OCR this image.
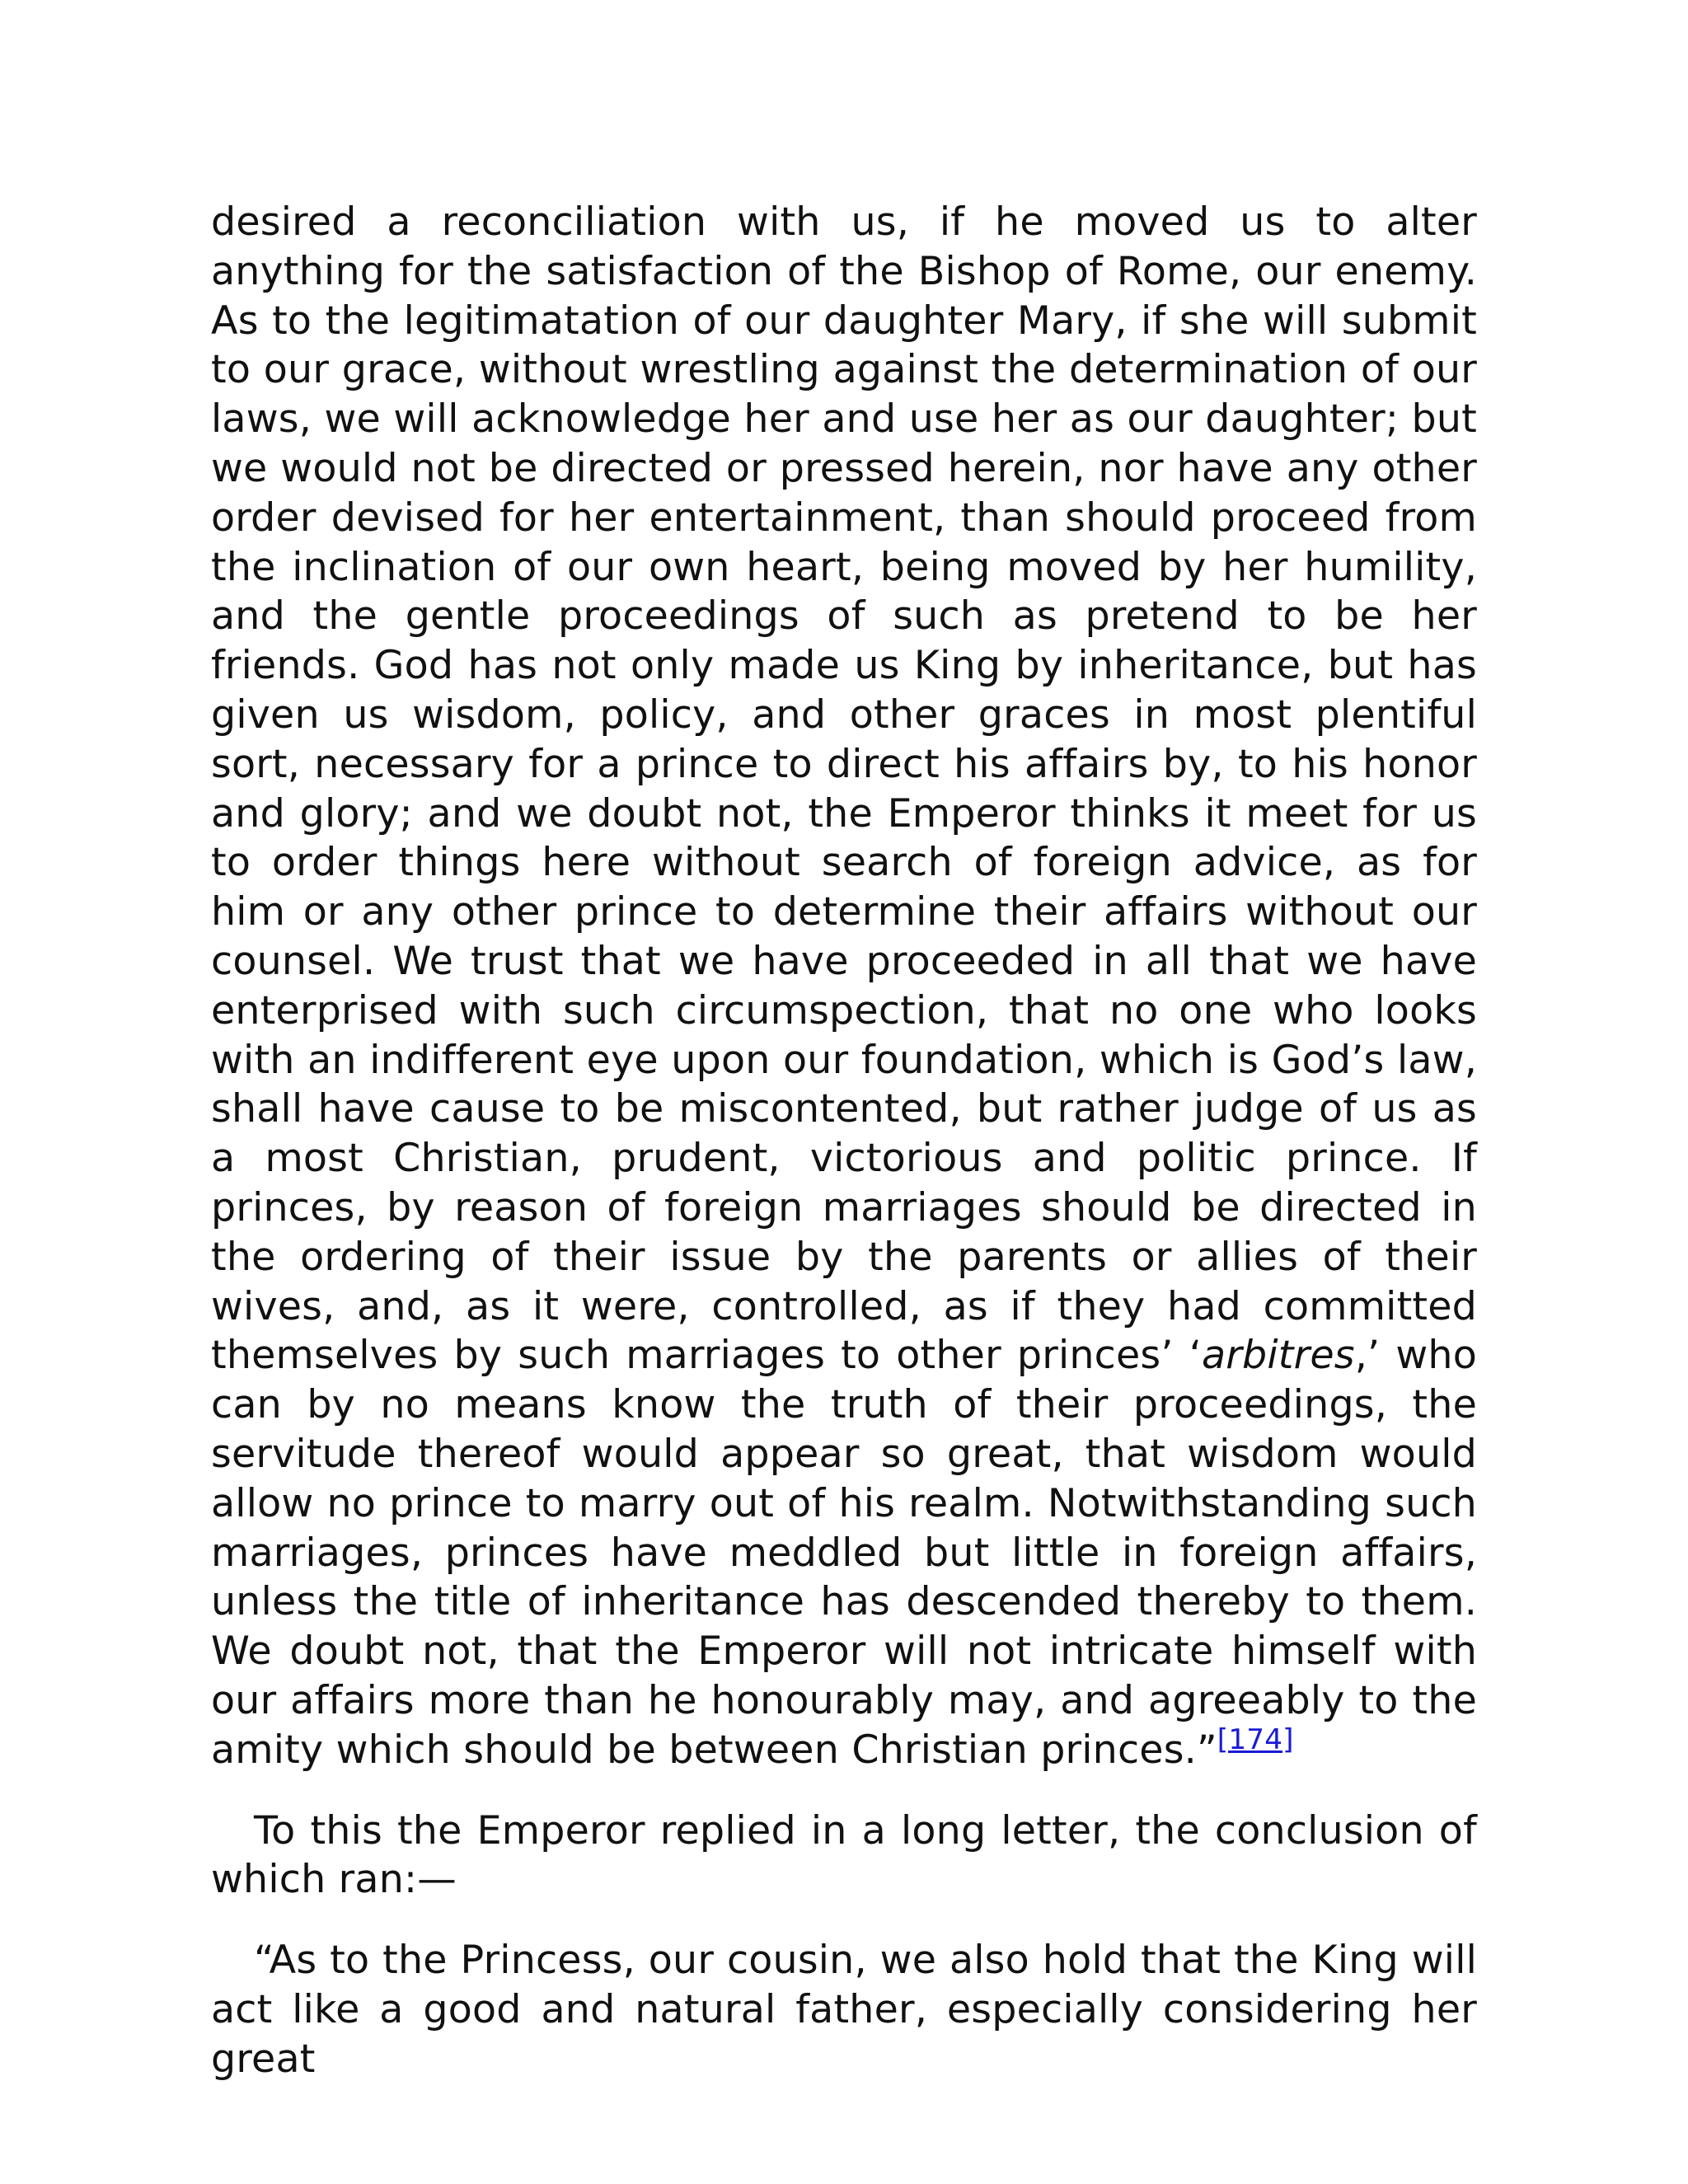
desired a reconciliation with us, if he moved us to alter anything for the satisfaction of the Bishop of Rome, our enemy. As to the legitimatation of our daughter Mary, if she will submit to our grace, without wrestling against the determination of our laws, we will acknowledge her and use her as our daughter; but we would not be directed or pressed herein, nor have any other order devised for her entertainment, than should proceed from the inclination of our own heart, being moved by her humility, and the gentle proceedings of such as pretend to be her friends. God has not only made us King by inheritance, but has given us wisdom, policy, and other graces in most plentiful sort, necessary for a prince to direct his affairs by, to his honor and glory; and we doubt not, the Emperor thinks it meet for us to order things here without search of foreign advice, as for him or any other prince to determine their affairs without our counsel. We trust that we have proceeded in all that we have enterprised with such circumspection, that no one who looks with an indifferent eye upon our foundation, which is God’s law, shall have cause to be miscontented, but rather judge of us as a most Christian, prudent, victorious and politic prince. If princes, by reason of foreign marriages should be directed in the ordering of their issue by the parents or allies of their wives, and, as it were, controlled, as if they had committed themselves by such marriages to other princes’ ‘arbitres,’ who can by no means know the truth of their proceedings, the servitude thereof would appear so great, that wisdom would allow no prince to marry out of his realm. Notwithstanding such marriages, princes have meddled but little in foreign affairs, unless the title of inheritance has descended thereby to them. We doubt not, that the Emperor will not intricate himself with our affairs more than he honourably may, and agreeably to the amity which should be between Christian princes.”[174]

To this the Emperor replied in a long letter, the conclusion of which ran:—

“As to the Princess, our cousin, we also hold that the King will act like a good and natural father, especially considering her great
